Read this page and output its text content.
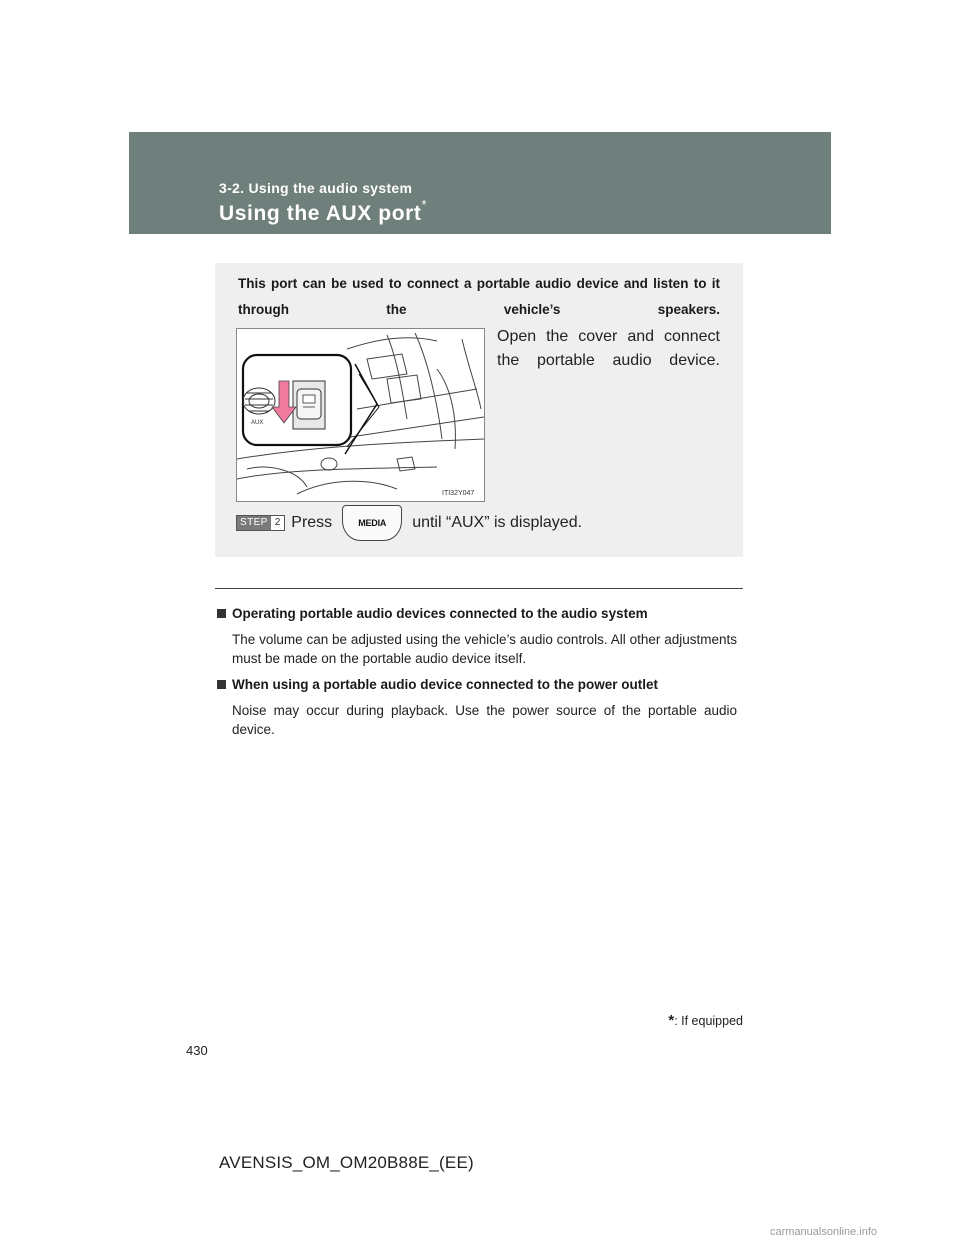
3-2. Using the audio system
Using the AUX port*
This port can be used to connect a portable audio device and listen to it through the vehicle’s speakers.
AUX
ITI32Y047
Open the cover and connect the portable audio device.
STEP 2 Press	MEDIA	until “AUX” is displayed.
Operating portable audio devices connected to the audio system
The volume can be adjusted using the vehicle’s audio controls. All other adjustments must be made on the portable audio device itself.
When using a portable audio device connected to the power outlet
Noise may occur during playback. Use the power source of the portable audio device.
*: If equipped
430
AVENSIS_OM_OM20B88E_(EE)
carmanualsonline.info
